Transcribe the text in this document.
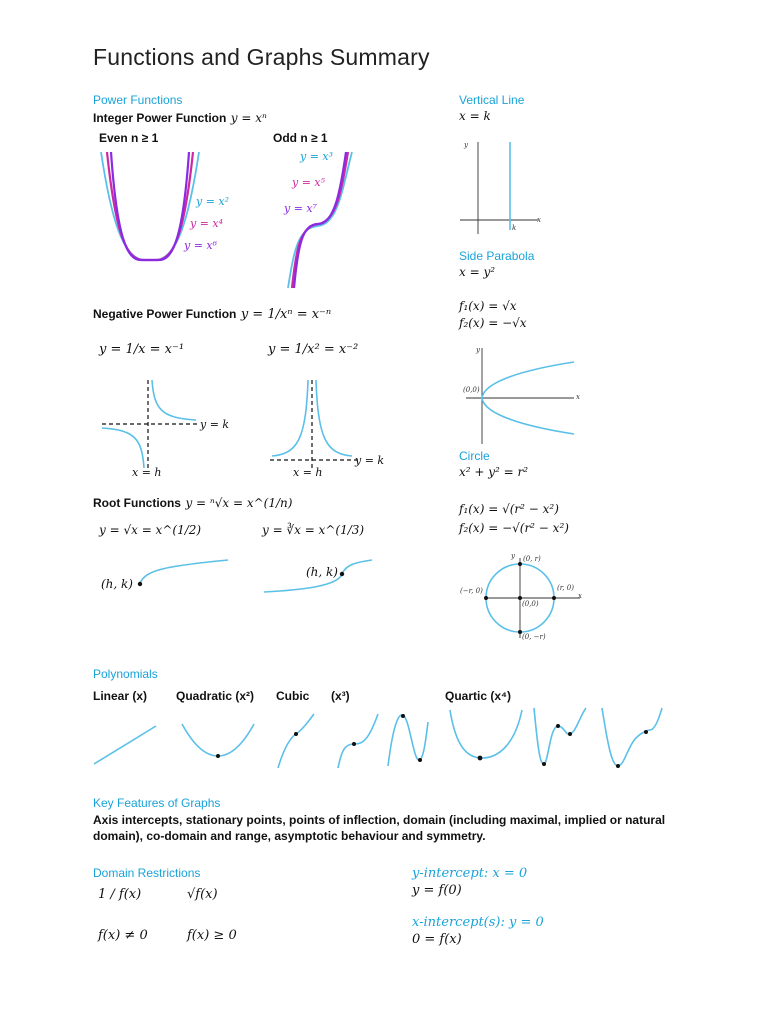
Functions and Graphs Summary
Power Functions
Integer Power Function y = xⁿ
Even n ≥ 1	Odd n ≥ 1
y = x²
y = x⁴
y = x⁶
y = x³
y = x⁵
y = x⁷
Negative Power Function y = 1/xⁿ = x⁻ⁿ
y = 1/x = x⁻¹	y = 1/x² = x⁻²
y = k
x = h
y = k
x = h
Root Functions y = ⁿ√x = x^(1/n)
y = √x = x^(1/2)	y = ∛x = x^(1/3)
(h, k)
(h, k)
Vertical Line
x = k
y
x
k
Side Parabola
x = y²
f₁(x) = √x
f₂(x) = −√x
(0,0)
y
x
Circle
x² + y² = r²
f₁(x) = √(r² − x²)
f₂(x) = −√(r² − x²)
y
x
(0, r)
(0, −r)
(−r, 0)	(r, 0)
(0,0)
Polynomials
Linear (x) Quadratic (x²) Cubic (x³)	Quartic (x⁴)
Key Features of Graphs
Axis intercepts, stationary points, points of inflection, domain (including maximal, implied or natural domain), co-domain and range, asymptotic behaviour and symmetry.
Domain Restrictions
1 / f(x)	√f(x)
f(x) ≠ 0	f(x) ≥ 0
y-intercept: x = 0
y = f(0)
x-intercept(s): y = 0
0 = f(x)
